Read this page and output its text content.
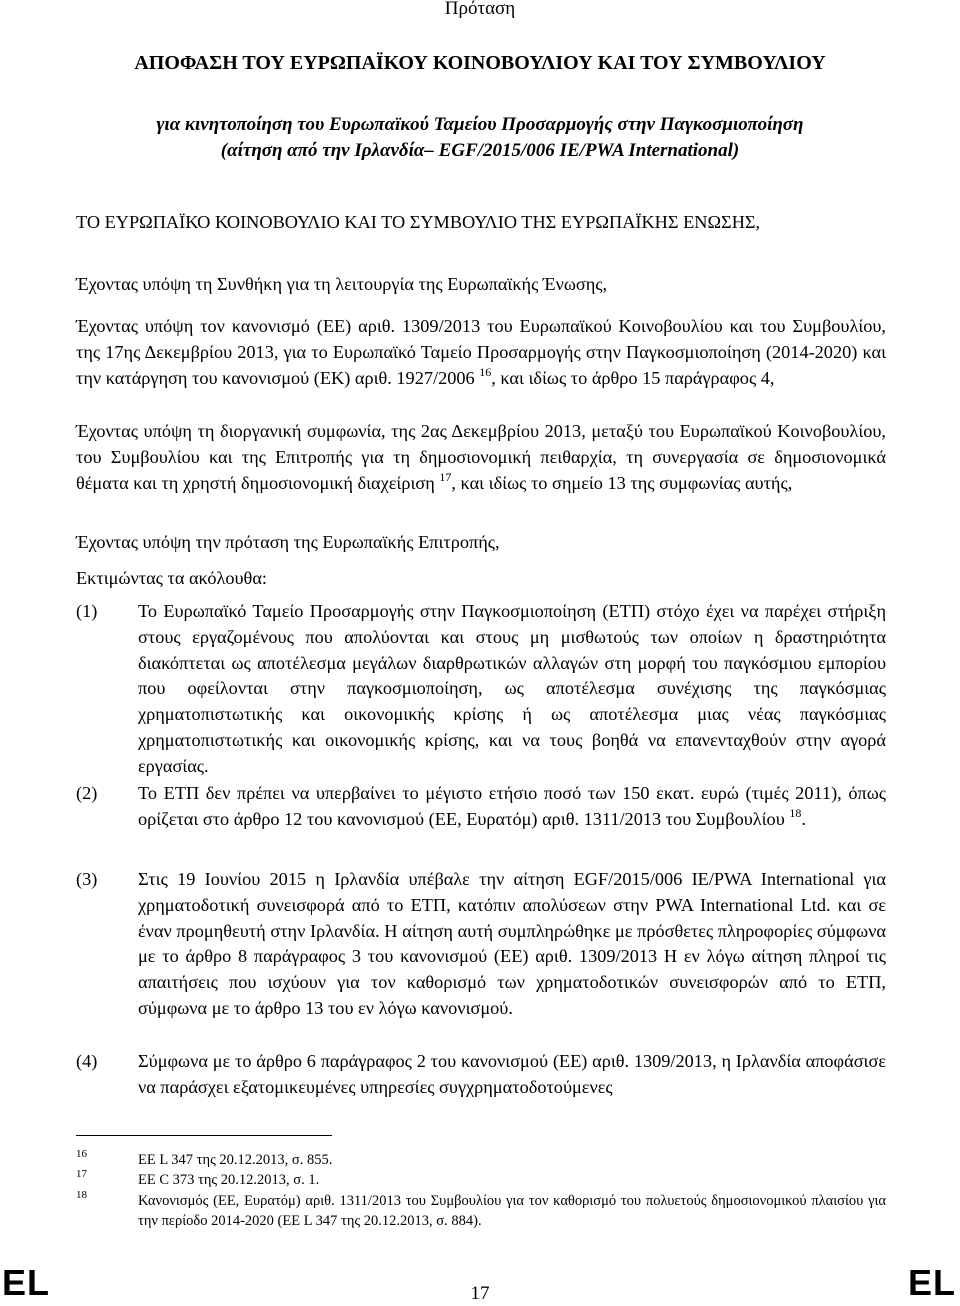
Πρόταση
ΑΠΟΦΑΣΗ ΤΟΥ ΕΥΡΩΠΑΪΚΟΥ ΚΟΙΝΟΒΟΥΛΙΟΥ ΚΑΙ ΤΟΥ ΣΥΜΒΟΥΛΙΟΥ
για κινητοποίηση του Ευρωπαϊκού Ταμείου Προσαρμογής στην Παγκοσμιοποίηση
(αίτηση από την Ιρλανδία– EGF/2015/006 IE/PWA International)
ΤΟ ΕΥΡΩΠΑΪΚΟ ΚΟΙΝΟΒΟΥΛΙΟ ΚΑΙ ΤΟ ΣΥΜΒΟΥΛΙΟ ΤΗΣ ΕΥΡΩΠΑΪΚΗΣ ΕΝΩΣΗΣ,
Έχοντας υπόψη τη Συνθήκη για τη λειτουργία της Ευρωπαϊκής Ένωσης,
Έχοντας υπόψη τον κανονισμό (ΕΕ) αριθ. 1309/2013 του Ευρωπαϊκού Κοινοβουλίου και του Συμβουλίου, της 17ης Δεκεμβρίου 2013, για το Ευρωπαϊκό Ταμείο Προσαρμογής στην Παγκοσμιοποίηση (2014-2020) και την κατάργηση του κανονισμού (ΕΚ) αριθ. 1927/2006 $^{16}$, και ιδίως το άρθρο 15 παράγραφος 4,
Έχοντας υπόψη τη διοργανική συμφωνία, της 2ας Δεκεμβρίου 2013, μεταξύ του Ευρωπαϊκού Κοινοβουλίου, του Συμβουλίου και της Επιτροπής για τη δημοσιονομική πειθαρχία, τη συνεργασία σε δημοσιονομικά θέματα και τη χρηστή δημοσιονομική διαχείριση $^{17}$, και ιδίως το σημείο 13 της συμφωνίας αυτής,
Έχοντας υπόψη την πρόταση της Ευρωπαϊκής Επιτροπής,
Εκτιμώντας τα ακόλουθα:
(1)	Το Ευρωπαϊκό Ταμείο Προσαρμογής στην Παγκοσμιοποίηση (ΕΤΠ) στόχο έχει να παρέχει στήριξη στους εργαζομένους που απολύονται και στους μη μισθωτούς των οποίων η δραστηριότητα διακόπτεται ως αποτέλεσμα μεγάλων διαρθρωτικών αλλαγών στη μορφή του παγκόσμιου εμπορίου που οφείλονται στην παγκοσμιοποίηση, ως αποτέλεσμα συνέχισης της παγκόσμιας χρηματοπιστωτικής και οικονομικής κρίσης ή ως αποτέλεσμα μιας νέας παγκόσμιας χρηματοπιστωτικής και οικονομικής κρίσης, και να τους βοηθά να επανενταχθούν στην αγορά εργασίας.
(2)	Το ΕΤΠ δεν πρέπει να υπερβαίνει το μέγιστο ετήσιο ποσό των 150 εκατ. ευρώ (τιμές 2011), όπως ορίζεται στο άρθρο 12 του κανονισμού (ΕΕ, Ευρατόμ) αριθ. 1311/2013 του Συμβουλίου $^{18}$.
(3)	Στις 19 Ιουνίου 2015 η Ιρλανδία υπέβαλε την αίτηση EGF/2015/006 IE/PWA International για χρηματοδοτική συνεισφορά από το ΕΤΠ, κατόπιν απολύσεων στην PWA International Ltd. και σε έναν προμηθευτή στην Ιρλανδία. Η αίτηση αυτή συμπληρώθηκε με πρόσθετες πληροφορίες σύμφωνα με το άρθρο 8 παράγραφος 3 του κανονισμού (ΕΕ) αριθ. 1309/2013 Η εν λόγω αίτηση πληροί τις απαιτήσεις που ισχύουν για τον καθορισμό των χρηματοδοτικών συνεισφορών από το ΕΤΠ, σύμφωνα με το άρθρο 13 του εν λόγω κανονισμού.
(4)	Σύμφωνα με το άρθρο 6 παράγραφος 2 του κανονισμού (ΕΕ) αριθ. 1309/2013, η Ιρλανδία αποφάσισε να παράσχει εξατομικευμένες υπηρεσίες συγχρηματοδοτούμενες
16	ΕΕ L 347 της 20.12.2013, σ. 855.
17	ΕΕ C 373 της 20.12.2013, σ. 1.
18	Κανονισμός (ΕΕ, Ευρατόμ) αριθ. 1311/2013 του Συμβουλίου για τον καθορισμό του πολυετούς δημοσιονομικού πλαισίου για την περίοδο 2014-2020 (ΕΕ L 347 της 20.12.2013, σ. 884).
EL	17	EL
